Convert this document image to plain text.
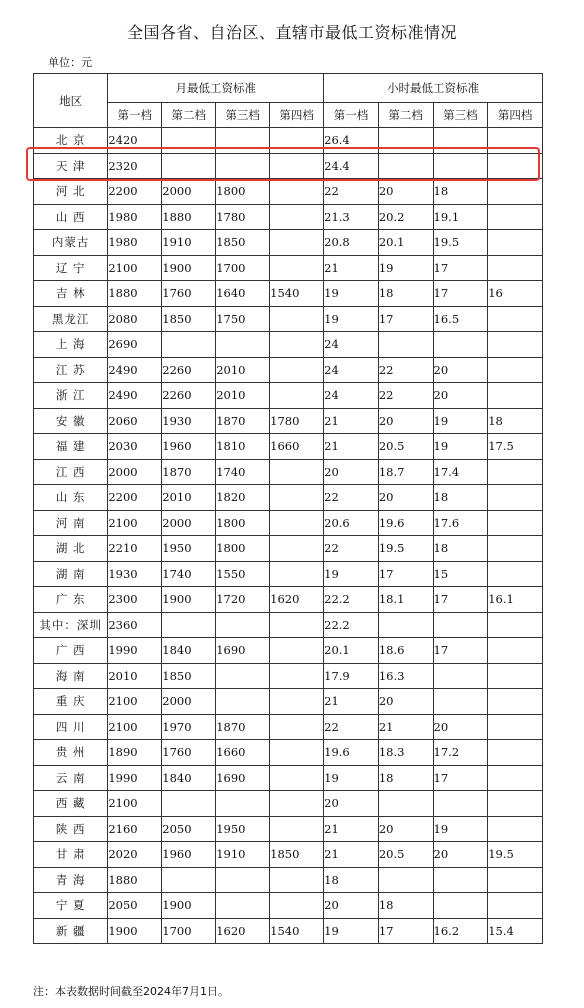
全国各省、自治区、直辖市最低工资标准情况
单位：元
地区	月最低工资标准				小时最低工资标准			
	第一档	第二档	第三档	第四档	第一档	第二档	第三档	第四档
北 京	2420				26.4			
天 津	2320				24.4			
河 北	2200	2000	1800		22	20	18	
山 西	1980	1880	1780		21.3	20.2	19.1	
内蒙古	1980	1910	1850		20.8	20.1	19.5	
辽 宁	2100	1900	1700		21	19	17	
吉 林	1880	1760	1640	1540	19	18	17	16
黑龙江	2080	1850	1750		19	17	16.5	
上 海	2690				24			
江 苏	2490	2260	2010		24	22	20	
浙 江	2490	2260	2010		24	22	20	
安 徽	2060	1930	1870	1780	21	20	19	18
福 建	2030	1960	1810	1660	21	20.5	19	17.5
江 西	2000	1870	1740		20	18.7	17.4	
山 东	2200	2010	1820		22	20	18	
河 南	2100	2000	1800		20.6	19.6	17.6	
湖 北	2210	1950	1800		22	19.5	18	
湖 南	1930	1740	1550		19	17	15	
广 东	2300	1900	1720	1620	22.2	18.1	17	16.1
其中：深圳	2360				22.2			
广 西	1990	1840	1690		20.1	18.6	17	
海 南	2010	1850			17.9	16.3		
重 庆	2100	2000			21	20		
四 川	2100	1970	1870		22	21	20	
贵 州	1890	1760	1660		19.6	18.3	17.2	
云 南	1990	1840	1690		19	18	17	
西 藏	2100				20			
陕 西	2160	2050	1950		21	20	19	
甘 肃	2020	1960	1910	1850	21	20.5	20	19.5
青 海	1880				18			
宁 夏	2050	1900			20	18		
新 疆	1900	1700	1620	1540	19	17	16.2	15.4
注：本表数据时间截至2024年7月1日。
